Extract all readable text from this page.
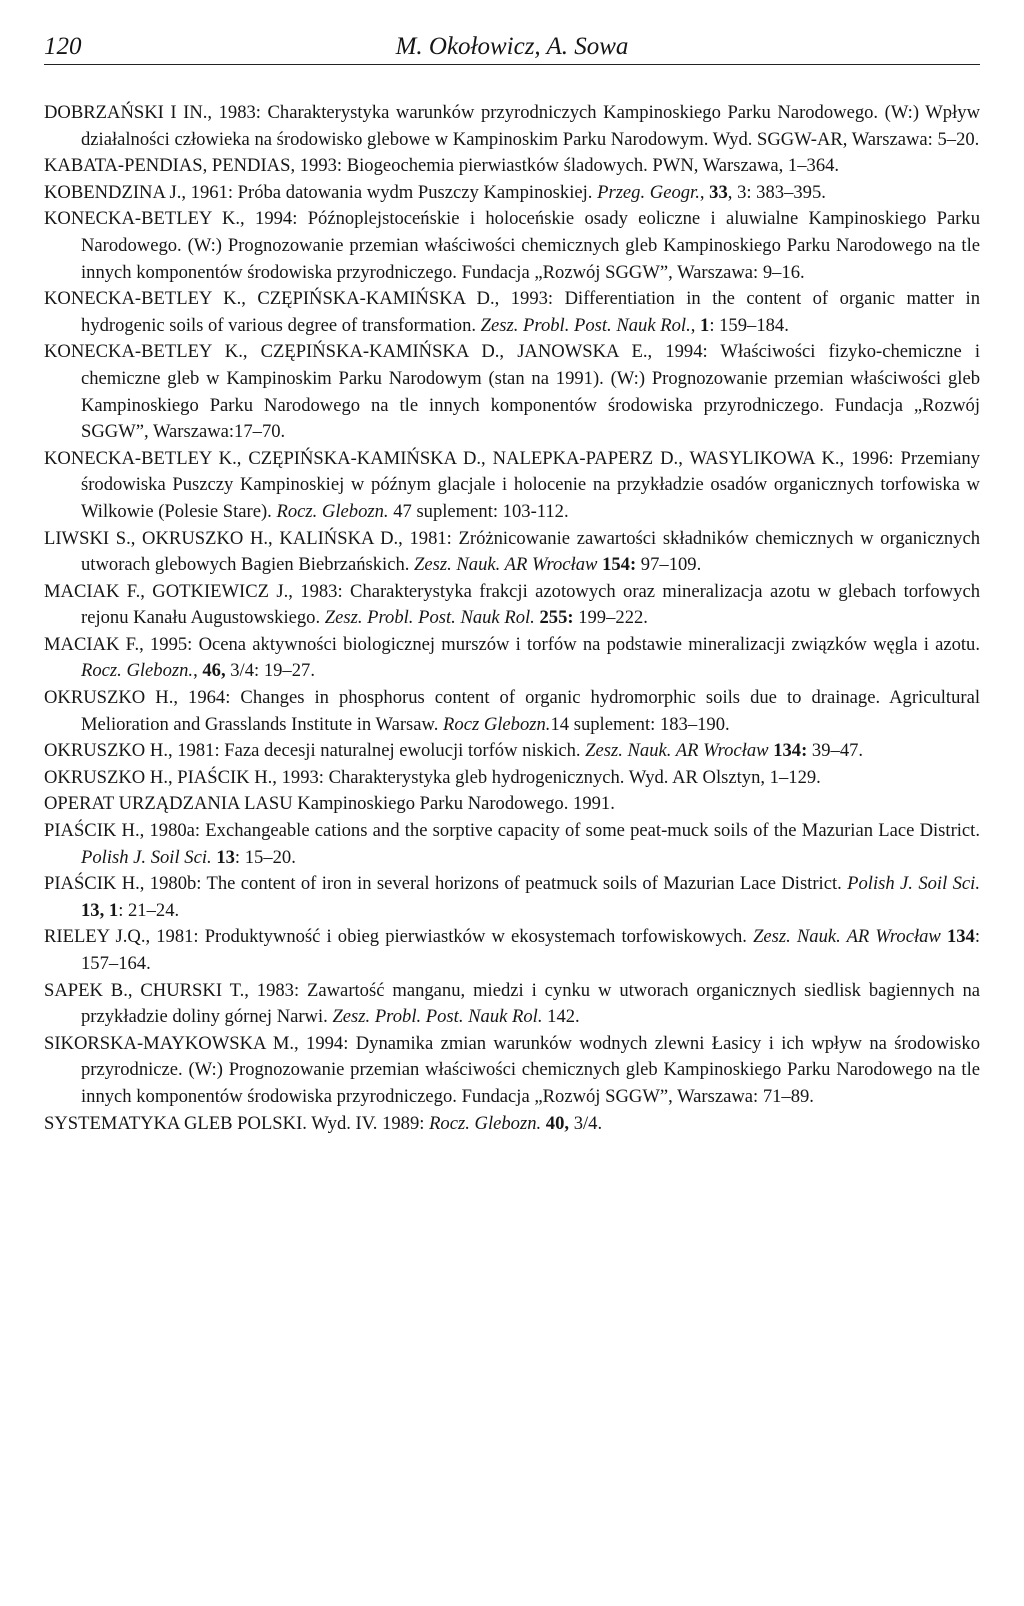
120	M. Okołowicz, A. Sowa

DOBRZAŃSKI I IN., 1983: Charakterystyka warunków przyrodniczych Kampinoskiego Parku Narodowego. (W:) Wpływ działalności człowieka na środowisko glebowe w Kampinoskim Parku Narodowym. Wyd. SGGW-AR, Warszawa: 5–20.

KABATA-PENDIAS, PENDIAS, 1993: Biogeochemia pierwiastków śladowych. PWN, Warszawa, 1–364.

KOBENDZINA J., 1961: Próba datowania wydm Puszczy Kampinoskiej. Przeg. Geogr., 33, 3: 383–395.

KONECKA-BETLEY K., 1994: Późnoplejstoceńskie i holoceńskie osady eoliczne i aluwialne Kampinoskiego Parku Narodowego. (W:) Prognozowanie przemian właściwości chemicznych gleb Kampinoskiego Parku Narodowego na tle innych komponentów środowiska przyrodniczego. Fundacja „Rozwój SGGW”, Warszawa: 9–16.

KONECKA-BETLEY K., CZĘPIŃSKA-KAMIŃSKA D., 1993: Differentiation in the content of organic matter in hydrogenic soils of various degree of transformation. Zesz. Probl. Post. Nauk Rol., 1: 159–184.

KONECKA-BETLEY K., CZĘPIŃSKA-KAMIŃSKA D., JANOWSKA E., 1994: Właściwości fizyko-chemiczne i chemiczne gleb w Kampinoskim Parku Narodowym (stan na 1991). (W:) Prognozowanie przemian właściwości gleb Kampinoskiego Parku Narodowego na tle innych komponentów środowiska przyrodniczego. Fundacja „Rozwój SGGW”, Warszawa:17–70.

KONECKA-BETLEY K., CZĘPIŃSKA-KAMIŃSKA D., NALEPKA-PAPERZ D., WASYLIKOWA K., 1996: Przemiany środowiska Puszczy Kampinoskiej w późnym glacjale i holocenie na przykładzie osadów organicznych torfowiska w Wilkowie (Polesie Stare). Rocz. Glebozn. 47 suplement: 103-112.

LIWSKI S., OKRUSZKO H., KALIŃSKA D., 1981: Zróżnicowanie zawartości składników chemicznych w organicznych utworach glebowych Bagien Biebrzańskich. Zesz. Nauk. AR Wrocław 154: 97–109.

MACIAK F., GOTKIEWICZ J., 1983: Charakterystyka frakcji azotowych oraz mineralizacja azotu w glebach torfowych rejonu Kanału Augustowskiego. Zesz. Probl. Post. Nauk Rol. 255: 199–222.

MACIAK F., 1995: Ocena aktywności biologicznej murszów i torfów na podstawie mineralizacji związków węgla i azotu. Rocz. Glebozn., 46, 3/4: 19–27.

OKRUSZKO H., 1964: Changes in phosphorus content of organic hydromorphic soils due to drainage. Agricultural Melioration and Grasslands Institute in Warsaw. Rocz Glebozn.14 suplement: 183–190.

OKRUSZKO H., 1981: Faza decesji naturalnej ewolucji torfów niskich. Zesz. Nauk. AR Wrocław 134: 39–47.

OKRUSZKO H., PIAŚCIK H., 1993: Charakterystyka gleb hydrogenicznych. Wyd. AR Olsztyn, 1–129.

OPERAT URZĄDZANIA LASU Kampinoskiego Parku Narodowego. 1991.

PIAŚCIK H., 1980a: Exchangeable cations and the sorptive capacity of some peat-muck soils of the Mazurian Lace District. Polish J. Soil Sci. 13: 15–20.

PIAŚCIK H., 1980b: The content of iron in several horizons of peatmuck soils of Mazurian Lace District. Polish J. Soil Sci. 13, 1: 21–24.

RIELEY J.Q., 1981: Produktywność i obieg pierwiastków w ekosystemach torfowiskowych. Zesz. Nauk. AR Wrocław 134: 157–164.

SAPEK B., CHURSKI T., 1983: Zawartość manganu, miedzi i cynku w utworach organicznych siedlisk bagiennych na przykładzie doliny górnej Narwi. Zesz. Probl. Post. Nauk Rol. 142.

SIKORSKA-MAYKOWSKA M., 1994: Dynamika zmian warunków wodnych zlewni Łasicy i ich wpływ na środowisko przyrodnicze. (W:) Prognozowanie przemian właściwości chemicznych gleb Kampinoskiego Parku Narodowego na tle innych komponentów środowiska przyrodniczego. Fundacja „Rozwój SGGW”, Warszawa: 71–89.

SYSTEMATYKA GLEB POLSKI. Wyd. IV. 1989: Rocz. Glebozn. 40, 3/4.
